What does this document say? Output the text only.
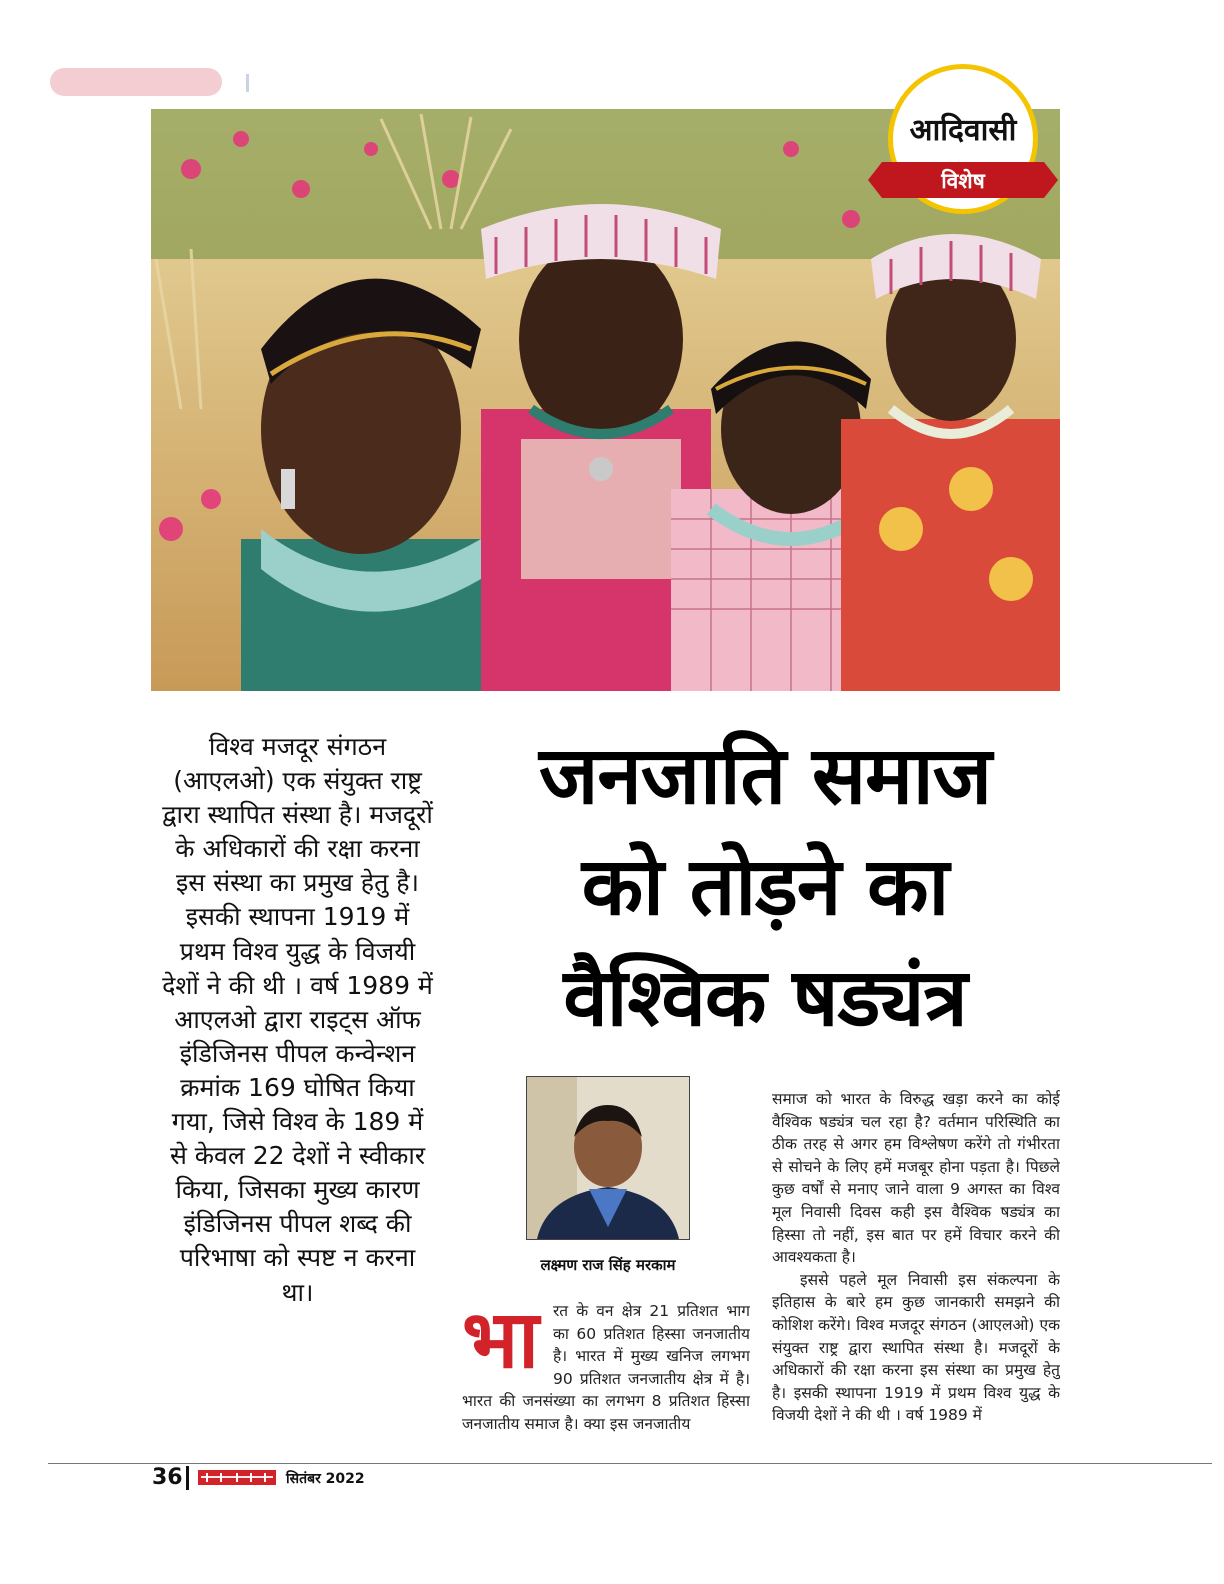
आदिवासी
विशेष
विश्व मजदूर संगठन (आएलओ) एक संयुक्त राष्ट्र द्वारा स्थापित संस्था है। मजदूरों के अधिकारों की रक्षा करना इस संस्था का प्रमुख हेतु है। इसकी स्थापना 1919 में प्रथम विश्व युद्ध के विजयी देशों ने की थी । वर्ष 1989 में आएलओ द्वारा राइट्स ऑफ इंडिजिनस पीपल कन्वेन्शन क्रमांक 169 घोषित किया गया, जिसे विश्व के 189 में से केवल 22 देशों ने स्वीकार किया, जिसका मुख्य कारण इंडिजिनस पीपल शब्द की परिभाषा को स्पष्ट न करना था।
जनजाति समाज
को तोड़ने का
वैश्विक षड्यंत्र
लक्ष्मण राज सिंह मरकाम
भा रत के वन क्षेत्र 21 प्रतिशत भाग का 60 प्रतिशत हिस्सा जनजातीय है। भारत में मुख्य खनिज लगभग 90 प्रतिशत जनजातीय क्षेत्र में है। भारत की जनसंख्या का लगभग 8 प्रतिशत हिस्सा जनजातीय समाज है। क्या इस जनजातीय

समाज को भारत के विरुद्ध खड़ा करने का कोई वैश्विक षड्यंत्र चल रहा है? वर्तमान परिस्थिति का ठीक तरह से अगर हम विश्लेषण करेंगे तो गंभीरता से सोचने के लिए हमें मजबूर होना पड़ता है। पिछले कुछ वर्षों से मनाए जाने वाला 9 अगस्त का विश्व मूल निवासी दिवस कही इस वैश्विक षड्यंत्र का हिस्सा तो नहीं, इस बात पर हमें विचार करने की आवश्यकता है।

इससे पहले मूल निवासी इस संकल्पना के इतिहास के बारे हम कुछ जानकारी समझने की कोशिश करेंगे। विश्व मजदूर संगठन (आएलओ) एक संयुक्त राष्ट्र द्वारा स्थापित संस्था है। मजदूरों के अधिकारों की रक्षा करना इस संस्था का प्रमुख हेतु है। इसकी स्थापना 1919 में प्रथम विश्व युद्ध के विजयी देशों ने की थी । वर्ष 1989 में

36	सितंबर 2022
